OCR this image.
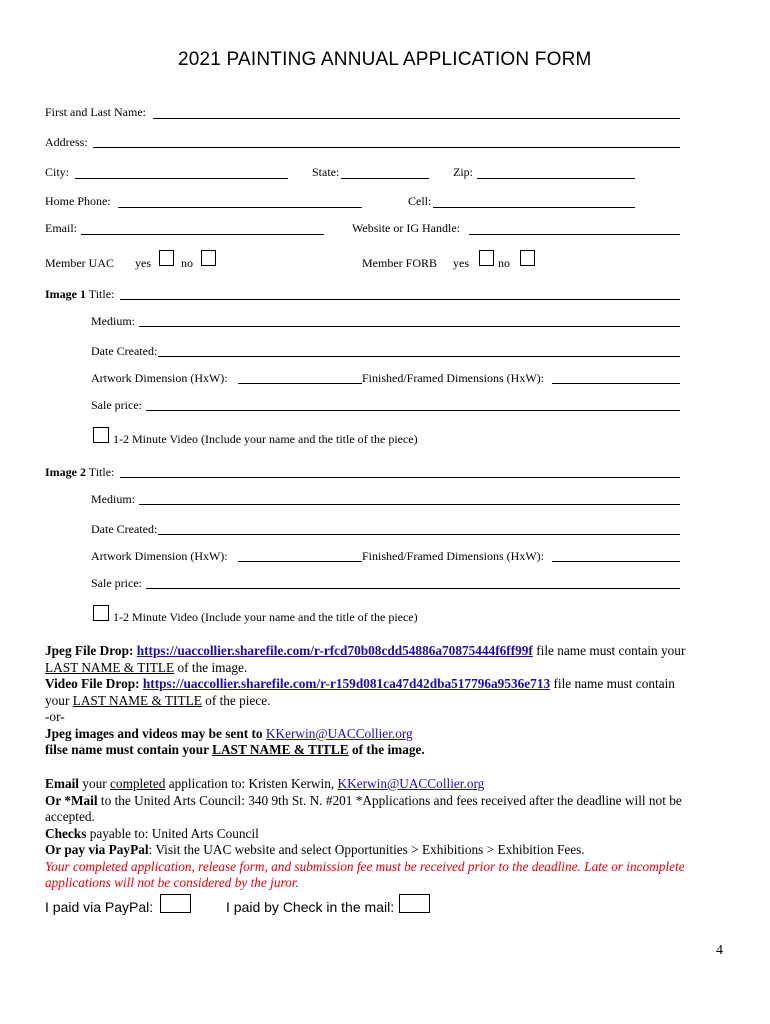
2021 PAINTING ANNUAL APPLICATION FORM
First and Last Name:
Address:
City:	State:	Zip:
Home Phone:	Cell:
Email:	Website or IG Handle:
Member UAC yes	no	Member FORB yes no
Image 1 Title:
Medium:
Date Created:
Artwork Dimension (HxW):	Finished/Framed Dimensions (HxW):
Sale price:
1-2 Minute Video (Include your name and the title of the piece)
Image 2 Title:
Medium:
Date Created:
Artwork Dimension (HxW):	Finished/Framed Dimensions (HxW):
Sale price:
1-2 Minute Video (Include your name and the title of the piece)
Jpeg File Drop: https://uaccollier.sharefile.com/r-rfcd70b08cdd54886a70875444f6ff99f file name must contain your
LAST NAME & TITLE of the image.
Video File Drop: https://uaccollier.sharefile.com/r-r159d081ca47d42dba517796a9536e713 file name must contain
your LAST NAME & TITLE of the piece.
-or-
Jpeg images and videos may be sent to KKerwin@UACCollier.org
filse name must contain your LAST NAME & TITLE of the image.
Email your completed application to: Kristen Kerwin, KKerwin@UACCollier.org
Or *Mail to the United Arts Council: 340 9th St. N. #201 *Applications and fees received after the deadline will not be accepted.
Checks payable to: United Arts Council
Or pay via PayPal: Visit the UAC website and select Opportunities > Exhibitions > Exhibition Fees.
Your completed application, release form, and submission fee must be received prior to the deadline. Late or incomplete applications will not be considered by the juror.
I paid via PayPal:	I paid by Check in the mail:
4
